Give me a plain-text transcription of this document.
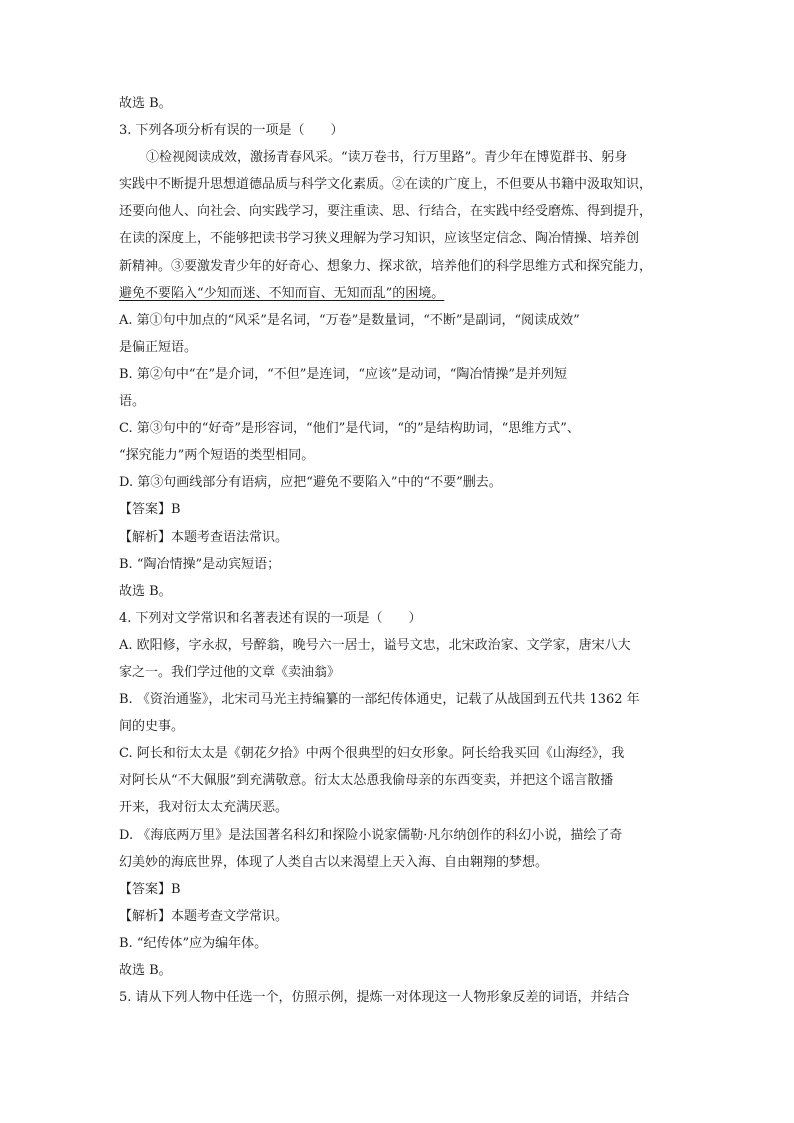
故选 B。
3. 下列各项分析有误的一项是（　　）
①检视阅读成效，激扬青春风采。“读万卷书，行万里路”。青少年在博览群书、躬身
实践中不断提升思想道德品质与科学文化素质。②在读的广度上，不但要从书籍中汲取知识，
还要向他人、向社会、向实践学习，要注重读、思、行结合，在实践中经受磨炼、得到提升，
在读的深度上，不能够把读书学习狭义理解为学习知识，应该坚定信念、陶冶情操、培养创
新精神。③要激发青少年的好奇心、想象力、探求欲，培养他们的科学思维方式和探究能力，
避免不要陷入“少知而迷、不知而盲、无知而乱”的困境。
A. 第①句中加点的“风采”是名词，“万卷”是数量词，“不断”是副词，“阅读成效”
是偏正短语。
B. 第②句中“在”是介词，“不但”是连词，“应该”是动词，“陶冶情操”是并列短
语。
C. 第③句中的“好奇”是形容词，“他们”是代词，“的”是结构助词，“思维方式”、
“探究能力”两个短语的类型相同。
D. 第③句画线部分有语病，应把“避免不要陷入”中的“不要”删去。
【答案】B
【解析】本题考查语法常识。
B. “陶冶情操”是动宾短语；
故选 B。
4. 下列对文学常识和名著表述有误的一项是（　　）
A. 欧阳修，字永叔，号醉翁，晚号六一居士，谥号文忠，北宋政治家、文学家，唐宋八大
家之一。我们学过他的文章《卖油翁》
B. 《资治通鉴》，北宋司马光主持编纂的一部纪传体通史，记载了从战国到五代共 1362 年
间的史事。
C. 阿长和衍太太是《朝花夕拾》中两个很典型的妇女形象。阿长给我买回《山海经》，我
对阿长从“不大佩服”到充满敬意。衍太太怂恿我偷母亲的东西变卖，并把这个谣言散播
开来，我对衍太太充满厌恶。
D. 《海底两万里》是法国著名科幻和探险小说家儒勒·凡尔纳创作的科幻小说，描绘了奇
幻美妙的海底世界，体现了人类自古以来渴望上天入海、自由翱翔的梦想。
【答案】B
【解析】本题考查文学常识。
B. “纪传体”应为编年体。
故选 B。
5. 请从下列人物中任选一个，仿照示例，提炼一对体现这一人物形象反差的词语，并结合
